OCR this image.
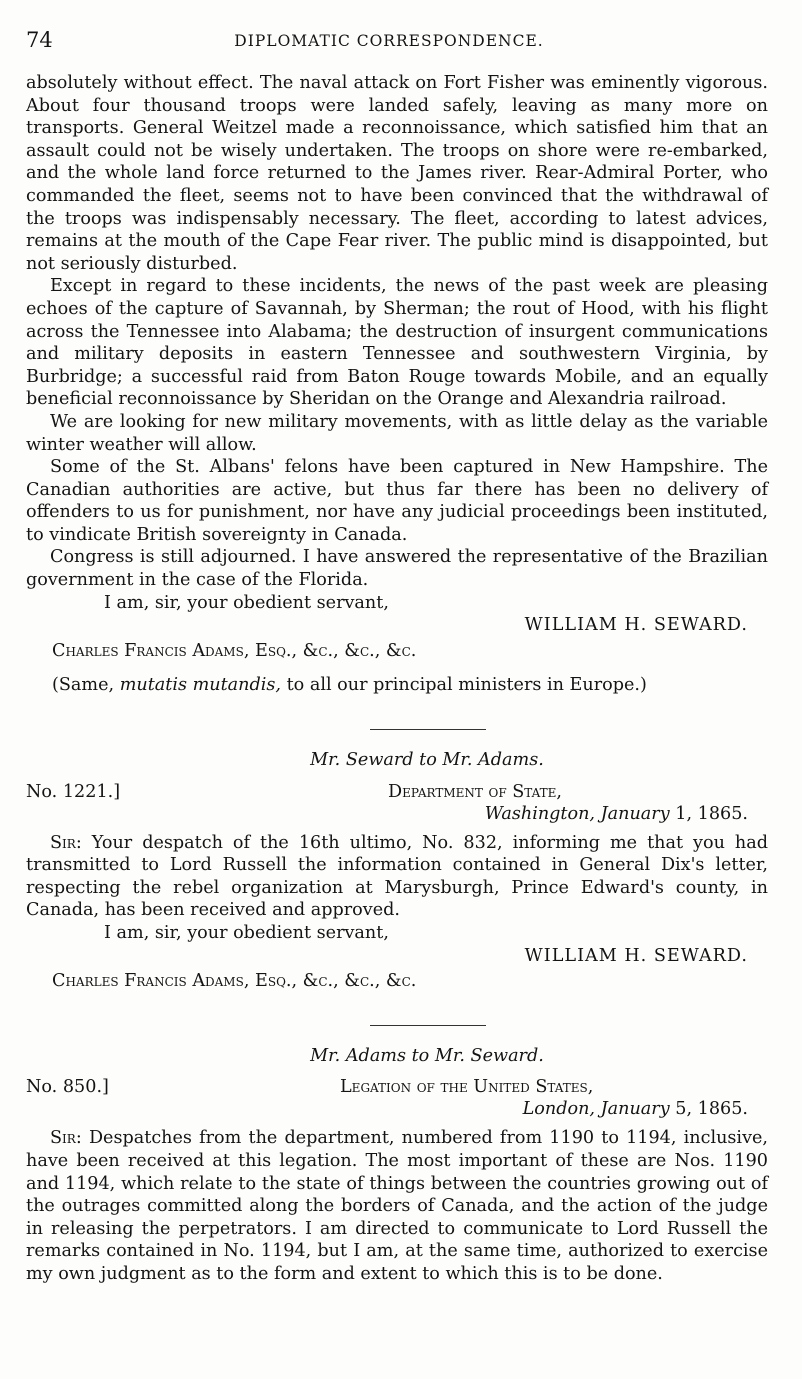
74	DIPLOMATIC CORRESPONDENCE.

absolutely without effect. The naval attack on Fort Fisher was eminently vigorous. About four thousand troops were landed safely, leaving as many more on transports. General Weitzel made a reconnoissance, which satisfied him that an assault could not be wisely undertaken. The troops on shore were re-embarked, and the whole land force returned to the James river. Rear-Admiral Porter, who commanded the fleet, seems not to have been convinced that the withdrawal of the troops was indispensably necessary. The fleet, according to latest advices, remains at the mouth of the Cape Fear river. The public mind is disappointed, but not seriously disturbed.

Except in regard to these incidents, the news of the past week are pleasing echoes of the capture of Savannah, by Sherman; the rout of Hood, with his flight across the Tennessee into Alabama; the destruction of insurgent communications and military deposits in eastern Tennessee and southwestern Virginia, by Burbridge; a successful raid from Baton Rouge towards Mobile, and an equally beneficial reconnoissance by Sheridan on the Orange and Alexandria railroad.

We are looking for new military movements, with as little delay as the variable winter weather will allow.

Some of the St. Albans' felons have been captured in New Hampshire. The Canadian authorities are active, but thus far there has been no delivery of offenders to us for punishment, nor have any judicial proceedings been instituted, to vindicate British sovereignty in Canada.

Congress is still adjourned. I have answered the representative of the Brazilian government in the case of the Florida.

I am, sir, your obedient servant,

WILLIAM H. SEWARD.

Charles Francis Adams, Esq., &c., &c., &c.

(Same, mutatis mutandis, to all our principal ministers in Europe.)

Mr. Seward to Mr. Adams.

No. 1221.]	Department of State,
Washington, January 1, 1865.

Sir: Your despatch of the 16th ultimo, No. 832, informing me that you had transmitted to Lord Russell the information contained in General Dix's letter, respecting the rebel organization at Marysburgh, Prince Edward's county, in Canada, has been received and approved.

I am, sir, your obedient servant,

WILLIAM H. SEWARD.

Charles Francis Adams, Esq., &c., &c., &c.

Mr. Adams to Mr. Seward.

No. 850.]	Legation of the United States,
London, January 5, 1865.

Sir: Despatches from the department, numbered from 1190 to 1194, inclusive, have been received at this legation. The most important of these are Nos. 1190 and 1194, which relate to the state of things between the countries growing out of the outrages committed along the borders of Canada, and the action of the judge in releasing the perpetrators. I am directed to communicate to Lord Russell the remarks contained in No. 1194, but I am, at the same time, authorized to exercise my own judgment as to the form and extent to which this is to be done.
